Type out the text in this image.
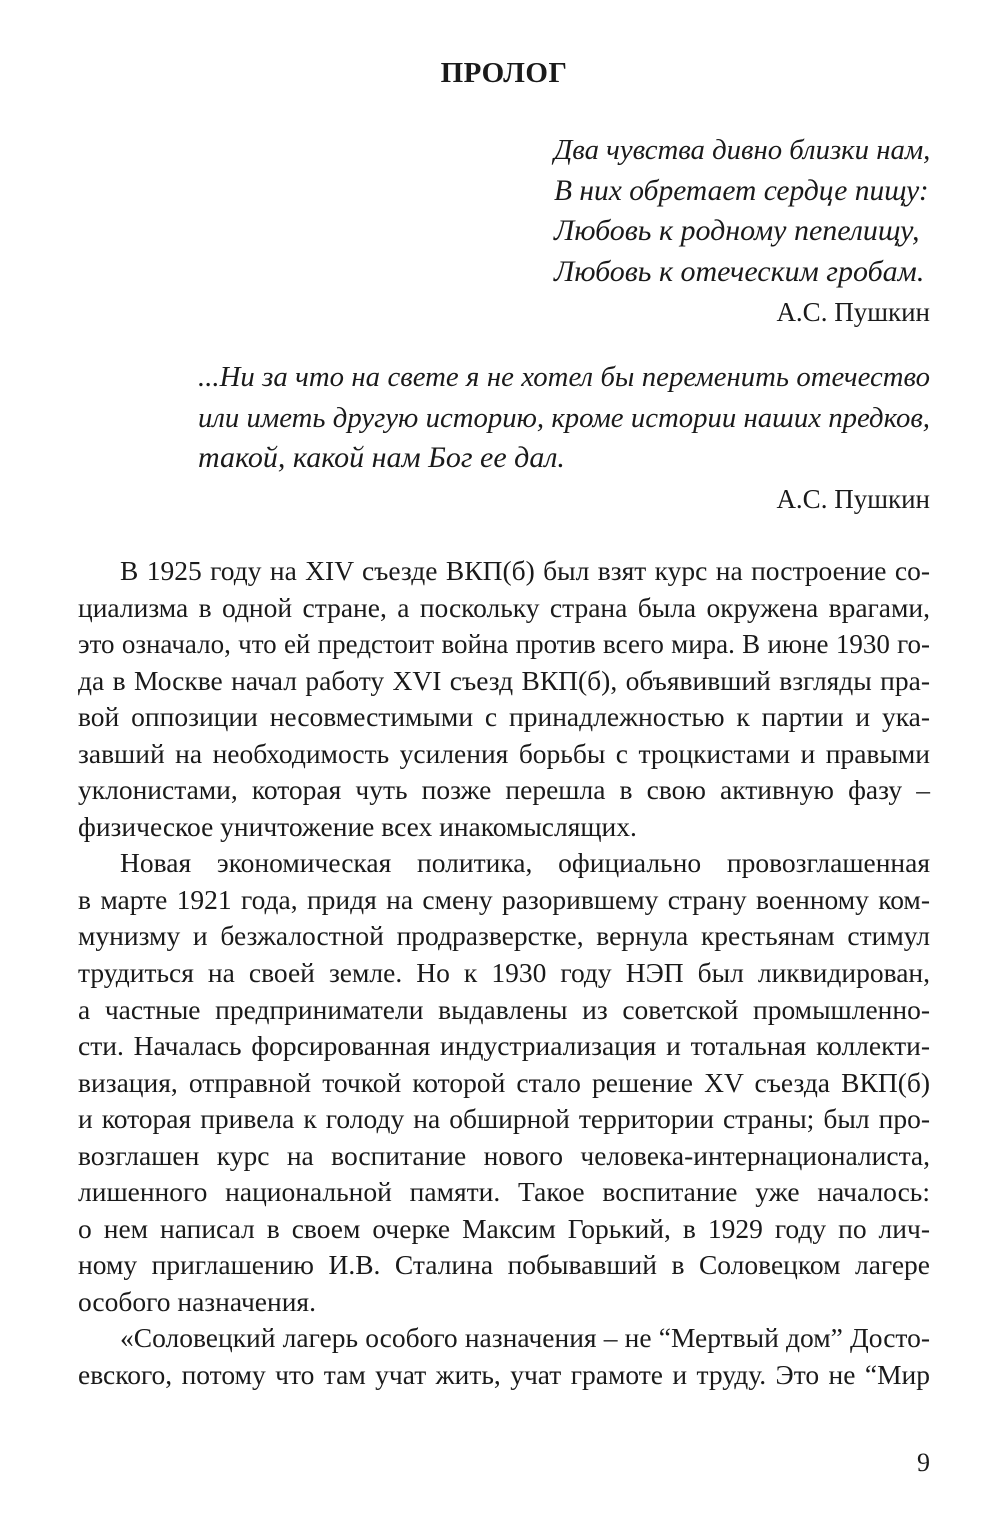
ПРОЛОГ
Два чувства дивно близки нам,
В них обретает сердце пищу:
Любовь к родному пепелищу,
Любовь к отеческим гробам.
А.С. Пушкин
...Ни за что на свете я не хотел бы переменить отечество
или иметь другую историю, кроме истории наших предков,
такой, какой нам Бог ее дал.
А.С. Пушкин

В 1925 году на XIV съезде ВКП(б) был взят курс на построение со-
циализма в одной стране, а поскольку страна была окружена врагами,
это означало, что ей предстоит война против всего мира. В июне 1930 го-
да в Москве начал работу XVI съезд ВКП(б), объявивший взгляды пра-
вой оппозиции несовместимыми с принадлежностью к партии и ука-
завший на необходимость усиления борьбы с троцкистами и правыми
уклонистами, которая чуть позже перешла в свою активную фазу –
физическое уничтожение всех инакомыслящих.

Новая экономическая политика, официально провозглашенная
в марте 1921 года, придя на смену разорившему страну военному ком-
мунизму и безжалостной продразверстке, вернула крестьянам стимул
трудиться на своей земле. Но к 1930 году НЭП был ликвидирован,
а частные предприниматели выдавлены из советской промышленно-
сти. Началась форсированная индустриализация и тотальная коллекти-
визация, отправной точкой которой стало решение XV съезда ВКП(б)
и которая привела к голоду на обширной территории страны; был про-
возглашен курс на воспитание нового человека-интернационалиста,
лишенного национальной памяти. Такое воспитание уже началось:
о нем написал в своем очерке Максим Горький, в 1929 году по лич-
ному приглашению И.В. Сталина побывавший в Соловецком лагере
особого назначения.

«Соловецкий лагерь особого назначения – не “Мертвый дом” Досто-
евского, потому что там учат жить, учат грамоте и труду. Это не “Мир

9
